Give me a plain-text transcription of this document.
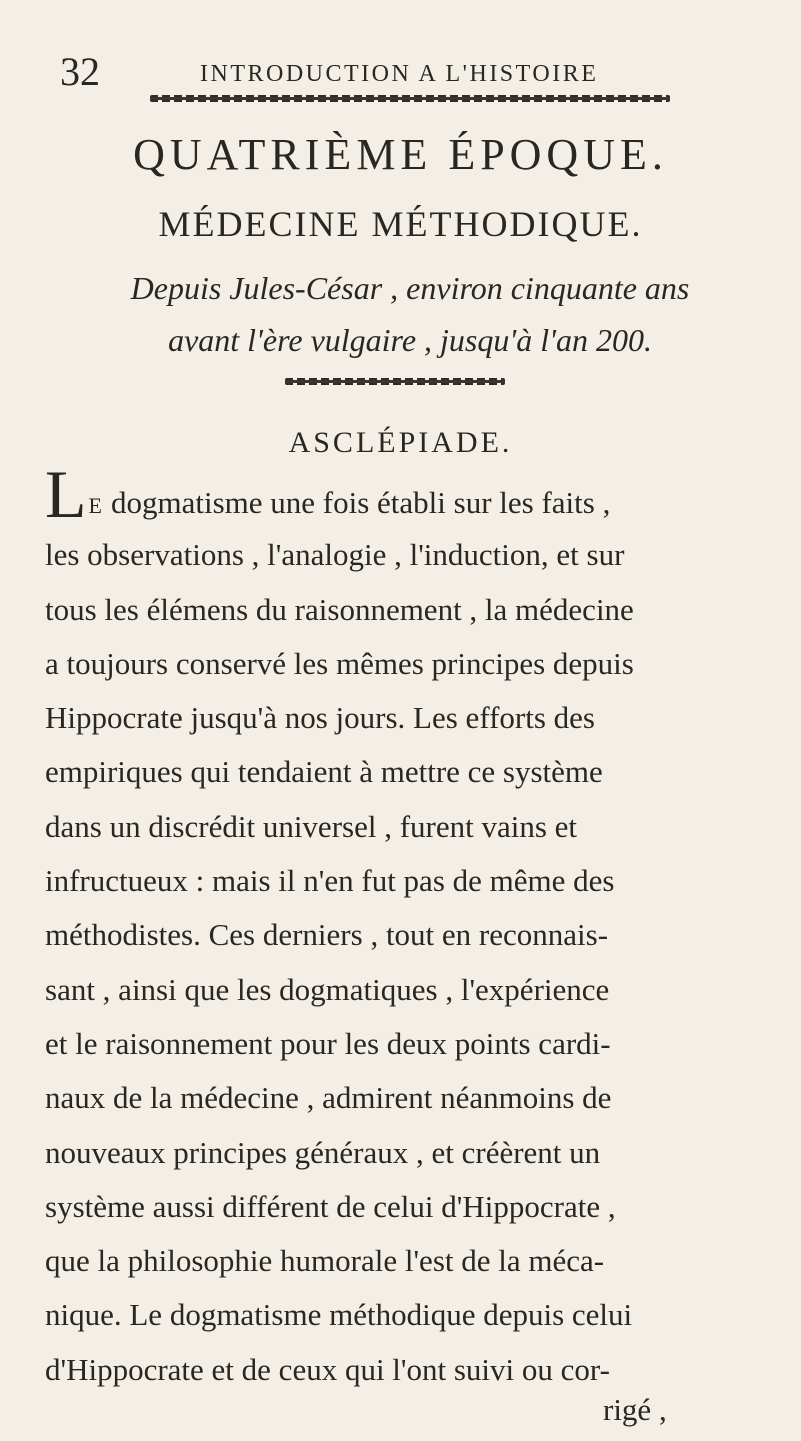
32	INTRODUCTION A L'HISTOIRE
QUATRIÈME ÉPOQUE.
MÉDECINE MÉTHODIQUE.
Depuis Jules-César , environ cinquante ans
avant l'ère vulgaire , jusqu'à l'an 200.
ASCLÉPIADE.
LE dogmatisme une fois établi sur les faits ,
les observations , l'analogie , l'induction, et sur
tous les élémens du raisonnement , la médecine
a toujours conservé les mêmes principes depuis
Hippocrate jusqu'à nos jours. Les efforts des
empiriques qui tendaient à mettre ce système
dans un discrédit universel , furent vains et
infructueux : mais il n'en fut pas de même des
méthodistes. Ces derniers , tout en reconnais-
sant , ainsi que les dogmatiques , l'expérience
et le raisonnement pour les deux points cardi-
naux de la médecine , admirent néanmoins de
nouveaux principes généraux , et créèrent un
système aussi différent de celui d'Hippocrate ,
que la philosophie humorale l'est de la méca-
nique. Le dogmatisme méthodique depuis celui
d'Hippocrate et de ceux qui l'ont suivi ou cor-
rigé ,
